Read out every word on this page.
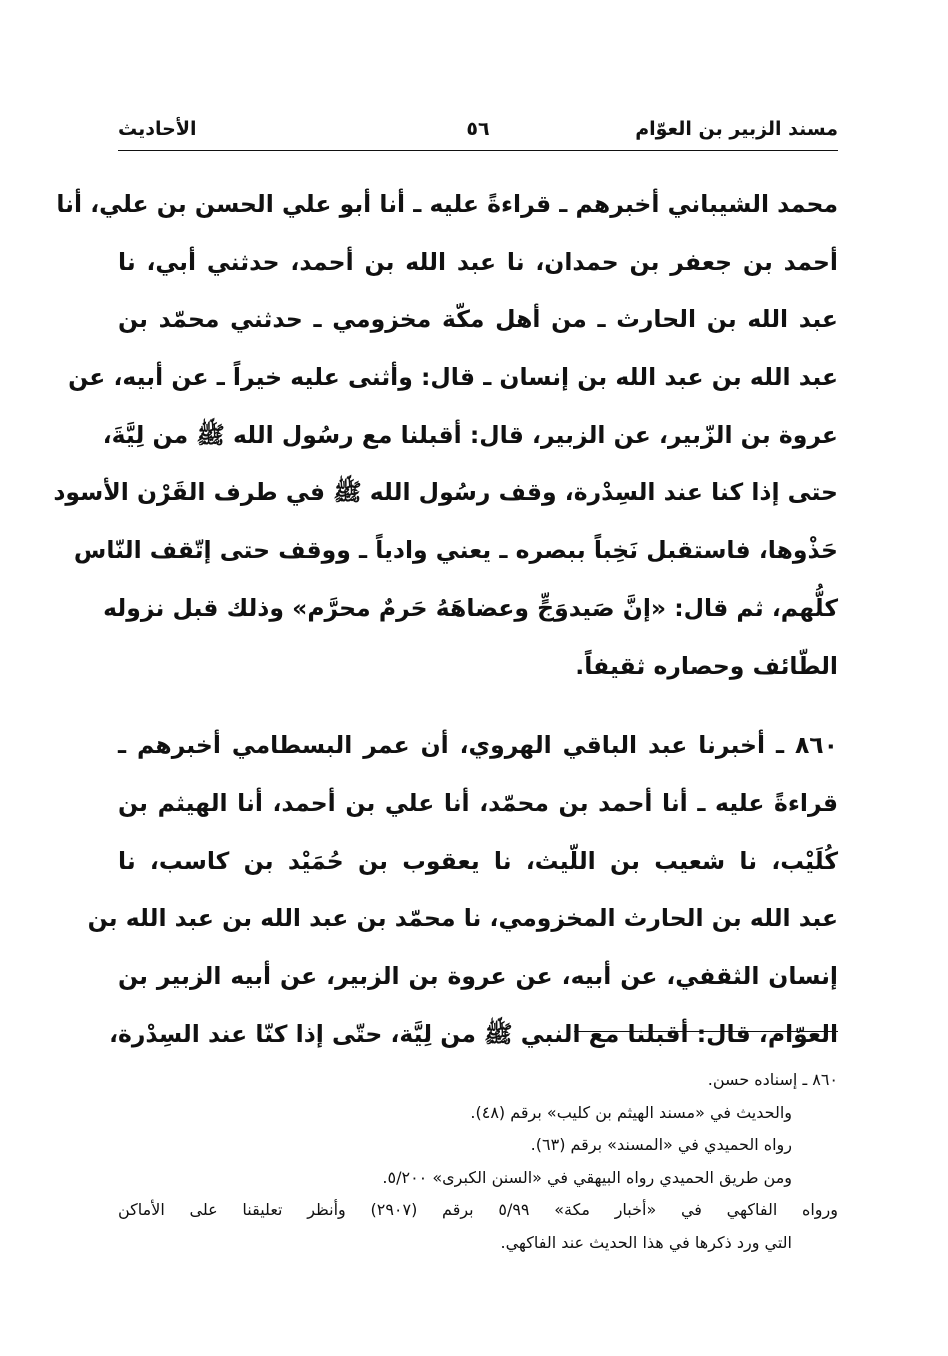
مسند الزبير بن العوّام
٥٦
الأحاديث
محمد الشيباني أخبرهم ـ قراءةً عليه ـ أنا أبو علي الحسن بن علي، أنا
أحمد بن جعفر بن حمدان، نا عبد الله بن أحمد، حدثني أبي، نا
عبد الله بن الحارث ـ من أهل مكّة مخزومي ـ حدثني محمّد بن
عبد الله بن عبد الله بن إنسان ـ قال: وأثنى عليه خيراً ـ عن أبيه، عن
عروة بن الزّبير، عن الزبير، قال: أقبلنا مع رسُول الله ﷺ من لِيَّةَ،
حتى إذا كنا عند السِدْرة، وقف رسُول الله ﷺ في طرف القَرْن الأسود
حَذْوها، فاستقبل نَخِباً ببصره ـ يعني وادياً ـ ووقف حتى إتّقف النّاس
كلُّهم، ثم قال: «إنَّ صَيدوَجٍّ وعضاهَهُ حَرمٌ محرَّم» وذلك قبل نزوله
الطّائف وحصاره ثقيفاً.
٨٦٠ ـ أخبرنا عبد الباقي الهروي، أن عمر البسطامي أخبرهم ـ
قراءةً عليه ـ أنا أحمد بن محمّد، أنا علي بن أحمد، أنا الهيثم بن
كُلَيْب، نا شعيب بن اللّيث، نا يعقوب بن حُمَيْد بن كاسب، نا
عبد الله بن الحارث المخزومي، نا محمّد بن عبد الله بن عبد الله بن
إنسان الثقفي، عن أبيه، عن عروة بن الزبير، عن أبيه الزبير بن
العوّام، قال: أقبلنا مع النبي ﷺ من لِيَّة، حتّى إذا كنّا عند السِدْرة،
٨٦٠ ـ إسناده حسن.
والحديث في «مسند الهيثم بن كليب» برقم (٤٨).
رواه الحميدي في «المسند» برقم (٦٣).
ومن طريق الحميدي رواه البيهقي في «السنن الكبرى» ٥/٢٠٠.
ورواه الفاكهي في «أخبار مكة» ٥/٩٩ برقم (٢٩٠٧) وأنظر تعليقنا على الأماكن
التي ورد ذكرها في هذا الحديث عند الفاكهي.
